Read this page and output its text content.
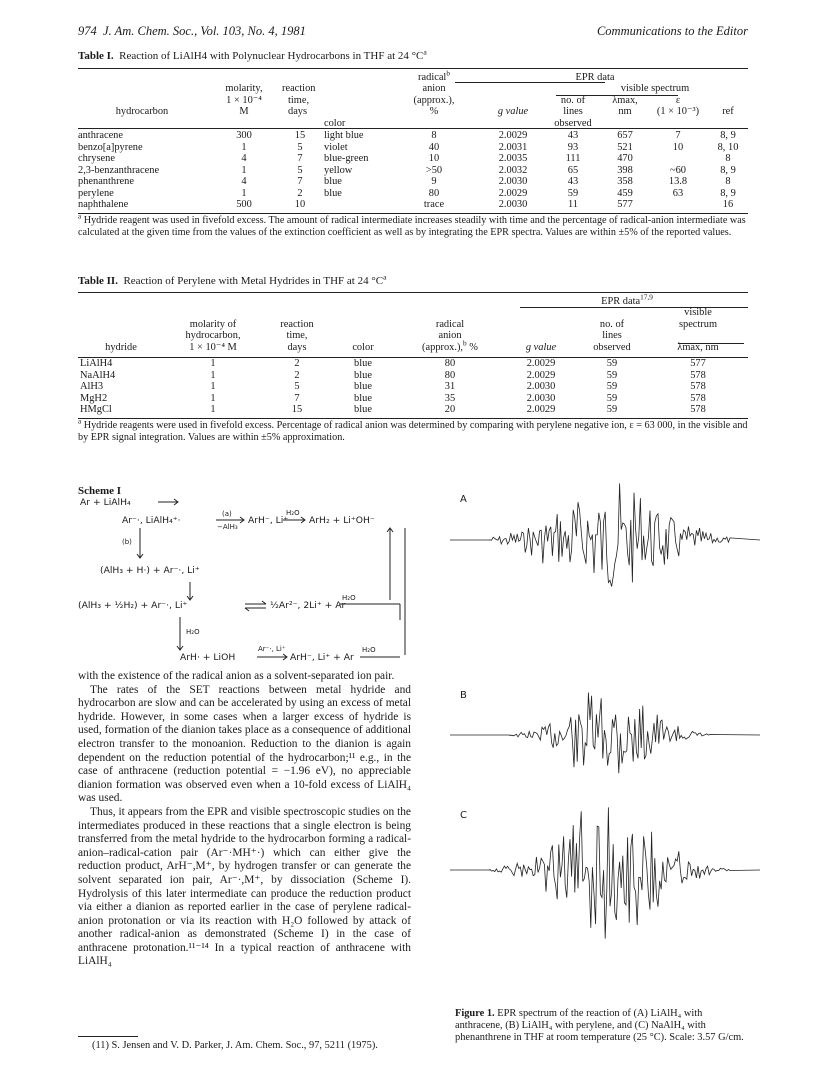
974 J. Am. Chem. Soc., Vol. 103, No. 4, 1981	Communications to the Editor
Table I. Reaction of LiAlH4 with Polynuclear Hydrocarbons in THF at 24 $^\circ C^a$
				radical$^b$	EPR data				
	molarity,	reaction		anion			visible spectrum		
	1 × 10⁻⁴	time,		(approx.),		no. of	λmax,	ε	
hydrocarbon	M	days		%	g value	lines	nm	(1 × 10⁻³)	ref
			color			observed			
anthracene	300	15	light blue	8	2.0029	43	657	7	8, 9
benzo[a]pyrene	1	5	violet	40	2.0031	93	521	10	8, 10
chrysene	4	7	blue-green	10	2.0035	111	470		8
2,3-benzanthracene	1	5	yellow	>50	2.0032	65	398	~60	8, 9
phenanthrene	4	7	blue	9	2.0030	43	358	13.8	8
perylene	1	2	blue	80	2.0029	59	459	63	8, 9
naphthalene	500	10		trace	2.0030	11	577		16
$^a$ Hydride reagent was used in fivefold excess. The amount of radical intermediate increases steadily with time and the percentage of radical-anion intermediate was calculated at the given time from the values of the extinction coefficient as well as by integrating the EPR spectra. Values are within ±5% of the reported values.
Table II. Reaction of Perylene with Metal Hydrides in THF at 24 $^\circ C^a$
					EPR data$^{17,9}$
							visible
	molarity of	reaction		radical		no. of	spectrum
	hydrocarbon,	time,		anion		lines	
hydride	1 × 10⁻⁴ M	days	color	(approx.),$^b$ %	g value	observed	λmax, nm
LiAlH4	1	2	blue	80	2.0029	59	577
NaAlH4	1	2	blue	80	2.0029	59	578
AlH3	1	5	blue	31	2.0030	59	578
MgH2	1	7	blue	35	2.0030	59	578
HMgCl	1	15	blue	20	2.0029	59	578
$^a$ Hydride reagents were used in fivefold excess. Percentage of radical anion was determined by comparing with perylene negative ion, ε = 63 000, in the visible and by EPR signal integration. Values are within ±5% approximation.
Scheme I
Ar + LiAlH₄
Ar⁻·, LiAlH₄⁺·
(a)
−AlH₃
ArH⁻, Li⁺
H₂O
ArH₂ + Li⁺OH⁻
(b)
(AlH₃ + H·) + Ar⁻·, Li⁺
(AlH₃ + ½H₂) + Ar⁻·, Li⁺	½Ar²⁻, 2Li⁺ + Ar
H₂O
H₂O
ArH· + LiOH
Ar⁻·, Li⁺
ArH⁻, Li⁺ + Ar
H₂O

with the existence of the radical anion as a solvent-separated ion pair.

The rates of the SET reactions between metal hydride and hydrocarbon are slow and can be accelerated by using an excess of metal hydride. However, in some cases when a larger excess of hydride is used, formation of the dianion takes place as a consequence of additional electron transfer to the monoanion. Reduction to the dianion is again dependent on the reduction potential of the hydrocarbon;¹¹ e.g., in the case of anthracene (reduction potential = −1.96 eV), no appreciable dianion formation was observed even when a 10-fold excess of LiAlH₄ was used.

Thus, it appears from the EPR and visible spectroscopic studies on the intermediates produced in these reactions that a single electron is being transferred from the metal hydride to the hydrocarbon forming a radical-anion–radical-cation pair (Ar⁻·MH⁺·) which can either give the reduction product, ArH⁻,M⁺, by hydrogen transfer or can generate the solvent separated ion pair, Ar⁻·,M⁺, by dissociation (Scheme I). Hydrolysis of this later intermediate can produce the reduction product via either a dianion as reported earlier in the case of perylene radical-anion protonation or via its reaction with H₂O followed by attack of another radical-anion as demonstrated (Scheme I) in the case of anthracene protonation.¹¹⁻¹⁴ In a typical reaction of anthracene with LiAlH₄

(11) S. Jensen and V. D. Parker, J. Am. Chem. Soc., 97, 5211 (1975).
A
B
C
Figure 1. EPR spectrum of the reaction of (A) LiAlH₄ with anthracene, (B) LiAlH₄ with perylene, and (C) NaAlH₄ with phenanthrene in THF at room temperature (25 °C). Scale: 3.57 G/cm.
